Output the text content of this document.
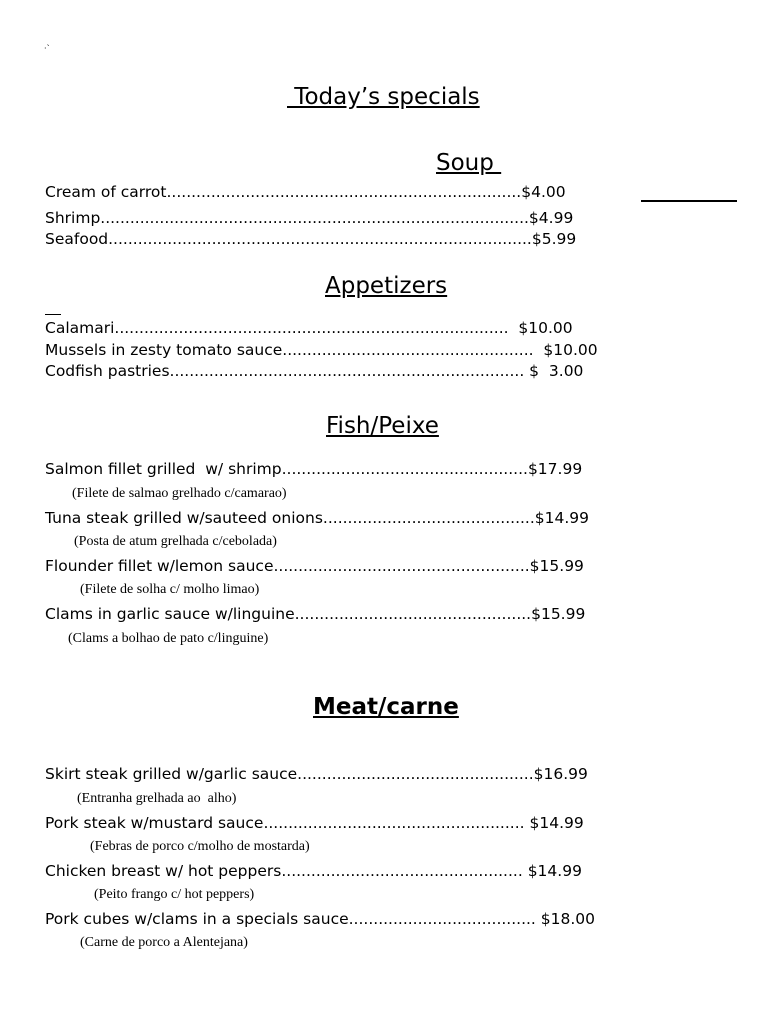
·`
Today’s specials
Soup
Cream of carrot........................................................................$4.00
Shrimp.......................................................................................$4.99
Seafood......................................................................................$5.99
Appetizers
Calamari................................................................................  $10.00
Mussels in zesty tomato sauce...................................................  $10.00
Codfish pastries........................................................................ $  3.00
Fish/Peixe
Salmon fillet grilled  w/ shrimp..................................................$17.99
(Filete de salmao grelhado c/camarao)
Tuna steak grilled w/sauteed onions...........................................$14.99
(Posta de atum grelhada c/cebolada)
Flounder fillet w/lemon sauce....................................................$15.99
(Filete de solha c/ molho limao)
Clams in garlic sauce w/linguine................................................$15.99
(Clams a bolhao de pato c/linguine)
Meat/carne
Skirt steak grilled w/garlic sauce................................................$16.99
(Entranha grelhada ao  alho)
Pork steak w/mustard sauce..................................................... $14.99
(Febras de porco c/molho de mostarda)
Chicken breast w/ hot peppers................................................. $14.99
(Peito frango c/ hot peppers)
Pork cubes w/clams in a specials sauce...................................... $18.00
(Carne de porco a Alentejana)
